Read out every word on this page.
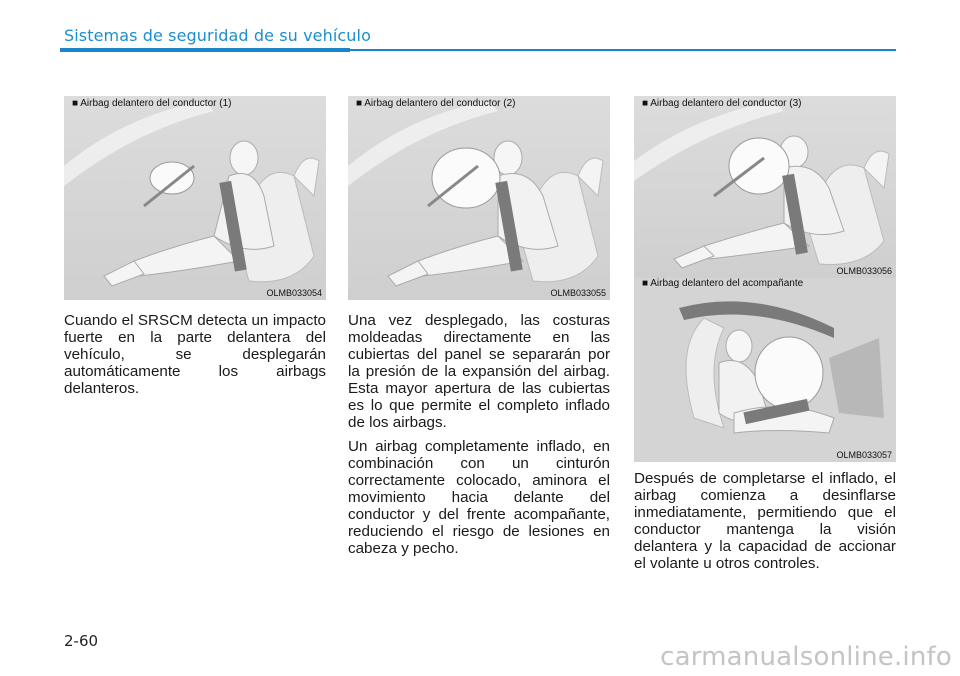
Sistemas de seguridad de su vehículo
■ Airbag delantero del conductor (1)
OLMB033054
■ Airbag delantero del conductor (2)
OLMB033055
■ Airbag delantero del conductor (3)
OLMB033056
■ Airbag delantero del acompañante
OLMB033057

Cuando el SRSCM detecta un impacto fuerte en la parte delantera del vehículo, se desplegarán automáticamente los airbags delanteros.

Una vez desplegado, las costuras moldeadas directamente en las cubiertas del panel se separarán por la presión de la expansión del airbag. Esta mayor apertura de las cubiertas es lo que permite el completo inflado de los airbags.

Un airbag completamente inflado, en combinación con un cinturón correctamente colocado, aminora el movimiento hacia delante del conductor y del frente acompañante, reduciendo el riesgo de lesiones en cabeza y pecho.

Después de completarse el inflado, el airbag comienza a desinflarse inmediatamente, permitiendo que el conductor mantenga la visión delantera y la capacidad de accionar el volante u otros controles.

2-60
carmanualsonline.info
